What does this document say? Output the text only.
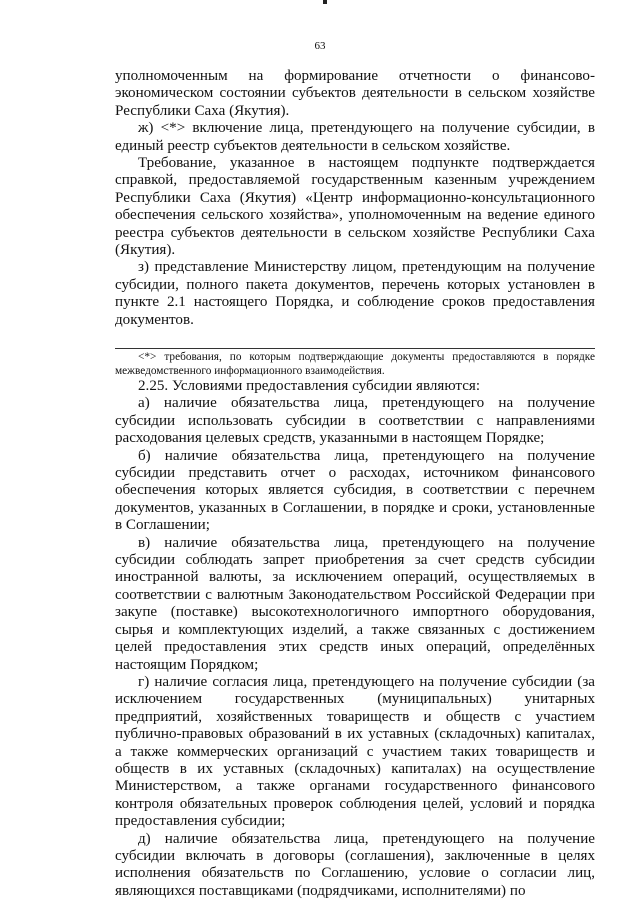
63

уполномоченным на формирование отчетности о финансово-экономическом состоянии субъектов деятельности в сельском хозяйстве Республики Саха (Якутия).

ж) <*> включение лица, претендующего на получение субсидии, в единый реестр субъектов деятельности в сельском хозяйстве.

Требование, указанное в настоящем подпункте подтверждается справкой, предоставляемой государственным казенным учреждением Республики Саха (Якутия) «Центр информационно-консультационного обеспечения сельского хозяйства», уполномоченным на ведение единого реестра субъектов деятельности в сельском хозяйстве Республики Саха (Якутия).

з) представление Министерству лицом, претендующим на получение субсидии, полного пакета документов, перечень которых установлен в пункте 2.1 настоящего Порядка, и соблюдение сроков предоставления документов.

<*> требования, по которым подтверждающие документы предоставляются в порядке межведомственного информационного взаимодействия.

2.25. Условиями предоставления субсидии являются:

а) наличие обязательства лица, претендующего на получение субсидии использовать субсидии в соответствии с направлениями расходования целевых средств, указанными в настоящем Порядке;

б) наличие обязательства лица, претендующего на получение субсидии представить отчет о расходах, источником финансового обеспечения которых является субсидия, в соответствии с перечнем документов, указанных в Соглашении, в порядке и сроки, установленные в Соглашении;

в) наличие обязательства лица, претендующего на получение субсидии соблюдать запрет приобретения за счет средств субсидии иностранной валюты, за исключением операций, осуществляемых в соответствии с валютным Законодательством Российской Федерации при закупе (поставке) высокотехнологичного импортного оборудования, сырья и комплектующих изделий, а также связанных с достижением целей предоставления этих средств иных операций, определённых настоящим Порядком;

г) наличие согласия лица, претендующего на получение субсидии (за исключением государственных (муниципальных) унитарных предприятий, хозяйственных товариществ и обществ с участием публично-правовых образований в их уставных (складочных) капиталах, а также коммерческих организаций с участием таких товариществ и обществ в их уставных (складочных) капиталах) на осуществление Министерством, а также органами государственного финансового контроля обязательных проверок соблюдения целей, условий и порядка предоставления субсидии;

д) наличие обязательства лица, претендующего на получение субсидии включать в договоры (соглашения), заключенные в целях исполнения обязательств по Соглашению, условие о согласии лиц, являющихся поставщиками (подрядчиками, исполнителями) по
